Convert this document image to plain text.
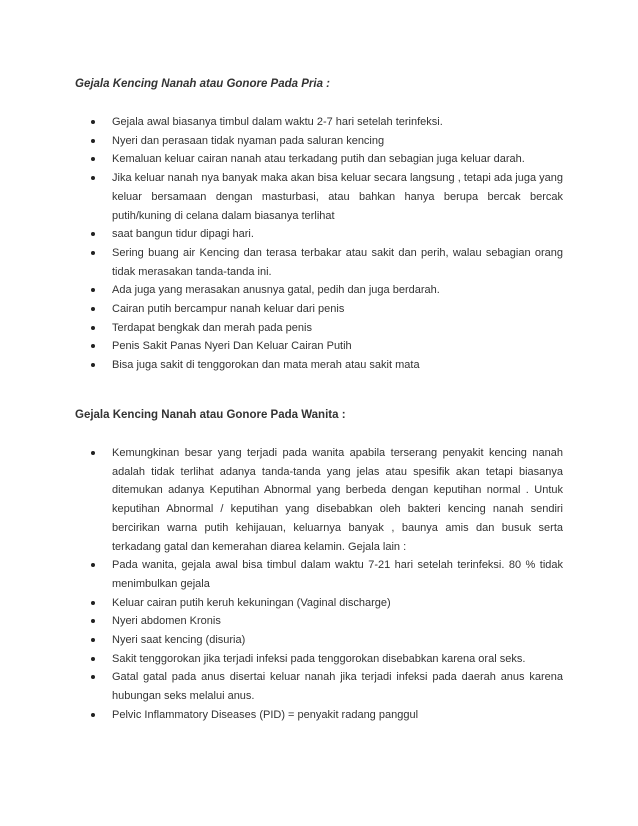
Gejala Kencing Nanah atau Gonore Pada Pria :
Gejala awal biasanya timbul dalam waktu 2-7 hari setelah terinfeksi.
Nyeri dan perasaan tidak nyaman pada saluran kencing
Kemaluan keluar cairan nanah atau terkadang putih dan sebagian juga keluar darah.
Jika keluar nanah nya banyak maka akan bisa keluar secara langsung , tetapi ada juga yang keluar bersamaan dengan masturbasi, atau bahkan hanya berupa bercak bercak putih/kuning di celana dalam biasanya terlihat
saat bangun tidur dipagi hari.
Sering buang air Kencing dan terasa terbakar atau sakit dan perih, walau sebagian orang tidak merasakan tanda-tanda ini.
Ada juga yang merasakan anusnya gatal, pedih dan juga berdarah.
Cairan putih bercampur nanah keluar dari penis
Terdapat bengkak dan merah pada penis
Penis Sakit Panas Nyeri Dan Keluar Cairan Putih
Bisa juga sakit di tenggorokan dan mata merah atau sakit mata
Gejala Kencing Nanah atau Gonore Pada Wanita :
Kemungkinan besar yang terjadi pada wanita apabila terserang penyakit kencing nanah adalah tidak terlihat adanya tanda-tanda yang jelas atau spesifik akan tetapi biasanya ditemukan adanya Keputihan Abnormal yang berbeda dengan keputihan normal . Untuk keputihan Abnormal / keputihan yang disebabkan oleh bakteri kencing nanah sendiri bercirikan warna putih kehijauan, keluarnya banyak , baunya amis dan busuk serta terkadang gatal dan kemerahan diarea kelamin. Gejala lain :
Pada wanita, gejala awal bisa timbul dalam waktu 7-21 hari setelah terinfeksi. 80 % tidak menimbulkan gejala
Keluar cairan putih keruh kekuningan (Vaginal discharge)
Nyeri abdomen Kronis
Nyeri saat kencing (disuria)
Sakit tenggorokan jika terjadi infeksi pada tenggorokan disebabkan karena oral seks.
Gatal gatal pada anus disertai keluar nanah jika terjadi infeksi pada daerah anus karena hubungan seks melalui anus.
Pelvic Inflammatory Diseases (PID) = penyakit radang panggul
